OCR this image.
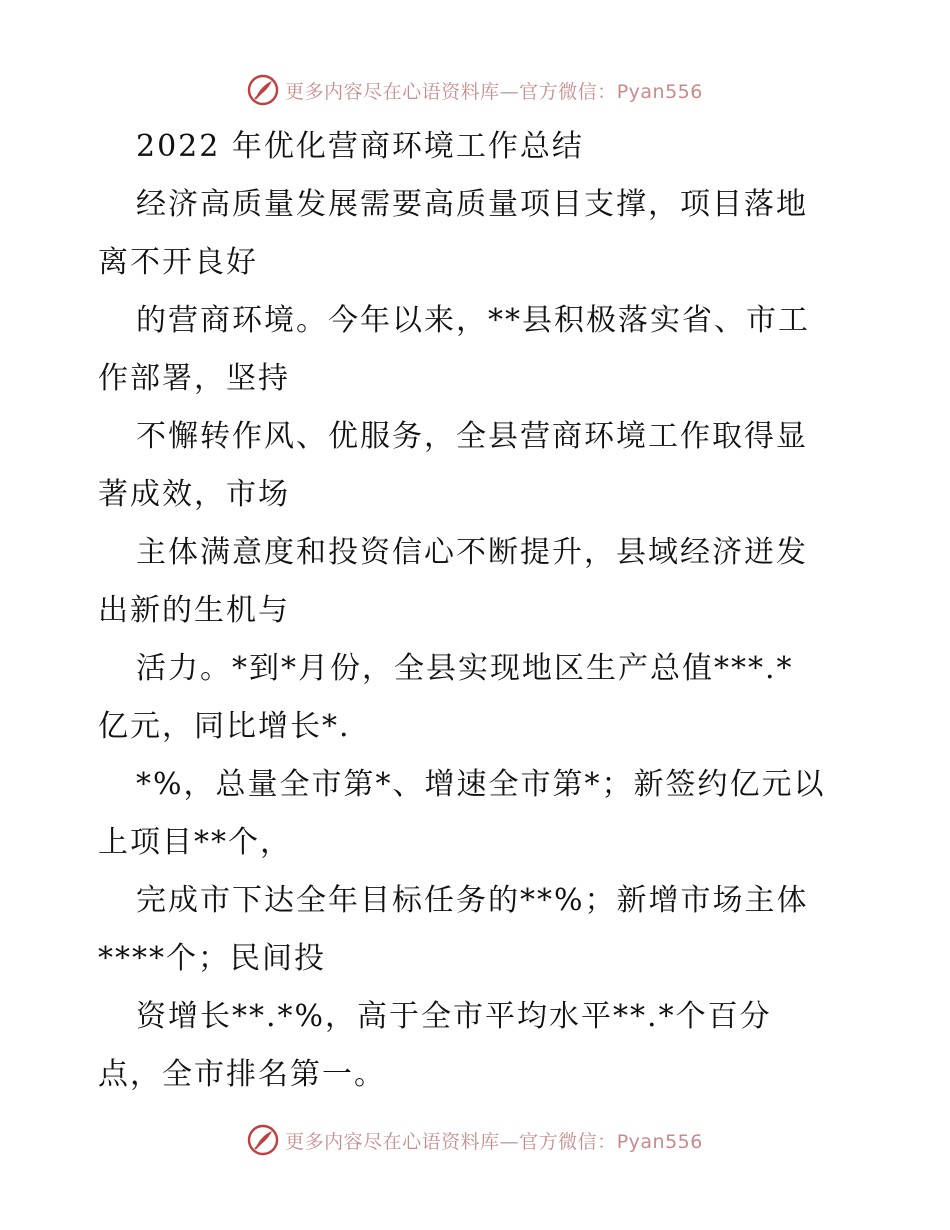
更多内容尽在心语资料库—官方微信：Pyan556
2022 年优化营商环境工作总结
经济高质量发展需要高质量项目支撑，项目落地
离不开良好
的营商环境。今年以来，**县积极落实省、市工
作部署，坚持
不懈转作风、优服务，全县营商环境工作取得显
著成效，市场
主体满意度和投资信心不断提升，县域经济迸发
出新的生机与
活力。*到*月份，全县实现地区生产总值***.*
亿元，同比增长*.
*%，总量全市第*、增速全市第*；新签约亿元以
上项目**个，
完成市下达全年目标任务的**%；新增市场主体
****个；民间投
资增长**.*%，高于全市平均水平**.*个百分
点，全市排名第一。
更多内容尽在心语资料库—官方微信：Pyan556
